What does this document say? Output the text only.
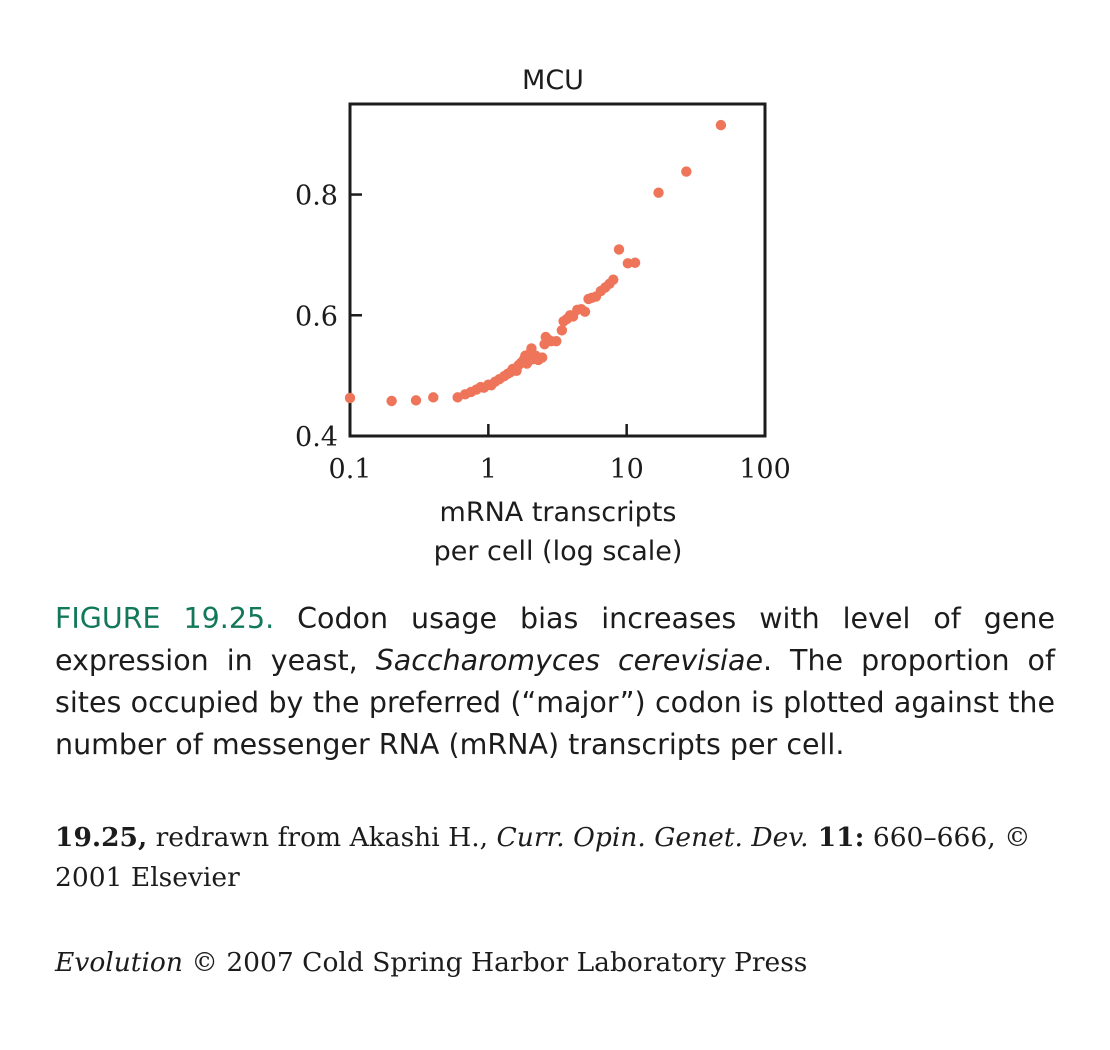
MCU
0.1	1	10	100
0.4
0.6
0.8
mRNA transcripts
per cell (log scale)
FIGURE 19.25. Codon usage bias increases with level of gene expression in yeast, Saccharomyces cerevisiae. The proportion of sites occupied by the preferred (“major”) codon is plotted against the number of messenger RNA (mRNA) transcripts per cell.
19.25, redrawn from Akashi H., Curr. Opin. Genet. Dev. 11: 660–666, © 2001 Elsevier
Evolution © 2007 Cold Spring Harbor Laboratory Press
